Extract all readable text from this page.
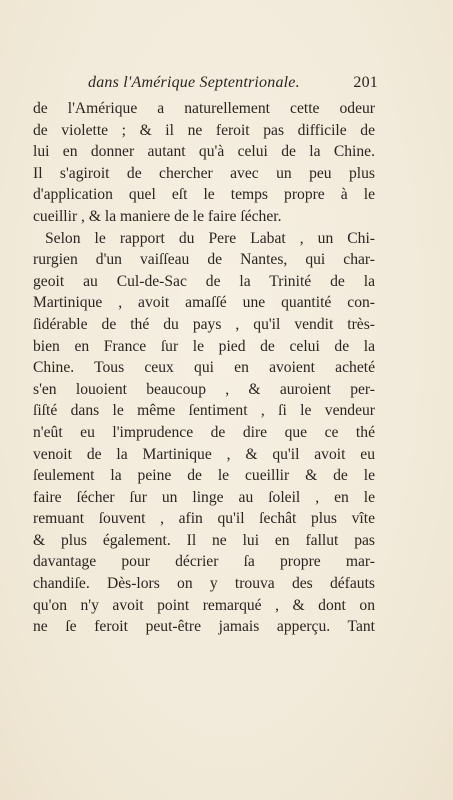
dans l'Amérique Septentrionale.	201
de l'Amérique a naturellement cette odeur
de violette ; & il ne feroit pas difficile de
lui en donner autant qu'à celui de la Chine.
Il s'agiroit de chercher avec un peu plus
d'application quel eſt le temps propre à le
cueillir , & la maniere de le faire ſécher.
Selon le rapport du Pere Labat , un Chi-
rurgien d'un vaiſſeau de Nantes, qui char-
geoit au Cul-de-Sac de la Trinité de la
Martinique , avoit amaſſé une quantité con-
ſidérable de thé du pays , qu'il vendit très-
bien en France ſur le pied de celui de la
Chine. Tous ceux qui en avoient acheté
s'en louoient beaucoup , & auroient per-
ſiſté dans le même ſentiment , ſi le vendeur
n'eût eu l'imprudence de dire que ce thé
venoit de la Martinique , & qu'il avoit eu
ſeulement la peine de le cueillir & de le
faire ſécher ſur un linge au ſoleil , en le
remuant ſouvent , afin qu'il ſechât plus vîte
& plus également. Il ne lui en fallut pas
davantage pour décrier ſa propre mar-
chandiſe. Dès-lors on y trouva des défauts
qu'on n'y avoit point remarqué , & dont on
ne ſe feroit peut-être jamais apperçu. Tant
